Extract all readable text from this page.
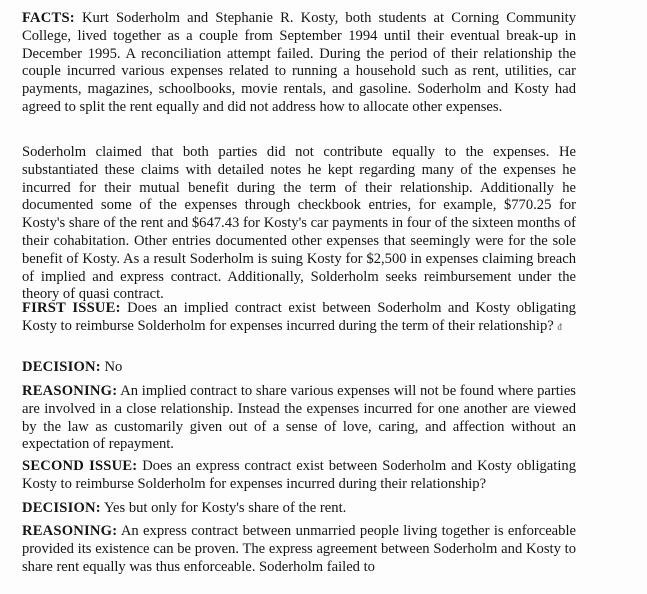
FACTS: Kurt Soderholm and Stephanie R. Kosty, both students at Corning Community College, lived together as a couple from September 1994 until their eventual break-up in December 1995. A reconciliation attempt failed. During the period of their relationship the couple incurred various expenses related to running a household such as rent, utilities, car payments, magazines, schoolbooks, movie rentals, and gasoline. Soderholm and Kosty had agreed to split the rent equally and did not address how to allocate other expenses.

Soderholm claimed that both parties did not contribute equally to the expenses. He substantiated these claims with detailed notes he kept regarding many of the expenses he incurred for their mutual benefit during the term of their relationship. Additionally he documented some of the expenses through checkbook entries, for example, $770.25 for Kosty's share of the rent and $647.43 for Kosty's car payments in four of the sixteen months of their cohabitation. Other entries documented other expenses that seemingly were for the sole benefit of Kosty. As a result Soderholm is suing Kosty for $2,500 in expenses claiming breach of implied and express contract. Additionally, Solderholm seeks reimbursement under the theory of quasi contract.

FIRST ISSUE: Does an implied contract exist between Soderholm and Kosty obligating Kosty to reimburse Solderholm for expenses incurred during the term of their relationship? đ

DECISION: No

REASONING: An implied contract to share various expenses will not be found where parties are involved in a close relationship. Instead the expenses incurred for one another are viewed by the law as customarily given out of a sense of love, caring, and affection without an expectation of repayment.

SECOND ISSUE: Does an express contract exist between Soderholm and Kosty obligating Kosty to reimburse Solderholm for expenses incurred during their relationship?

DECISION: Yes but only for Kosty's share of the rent.

REASONING: An express contract between unmarried people living together is enforceable provided its existence can be proven. The express agreement between Soderholm and Kosty to share rent equally was thus enforceable. Soderholm failed to
